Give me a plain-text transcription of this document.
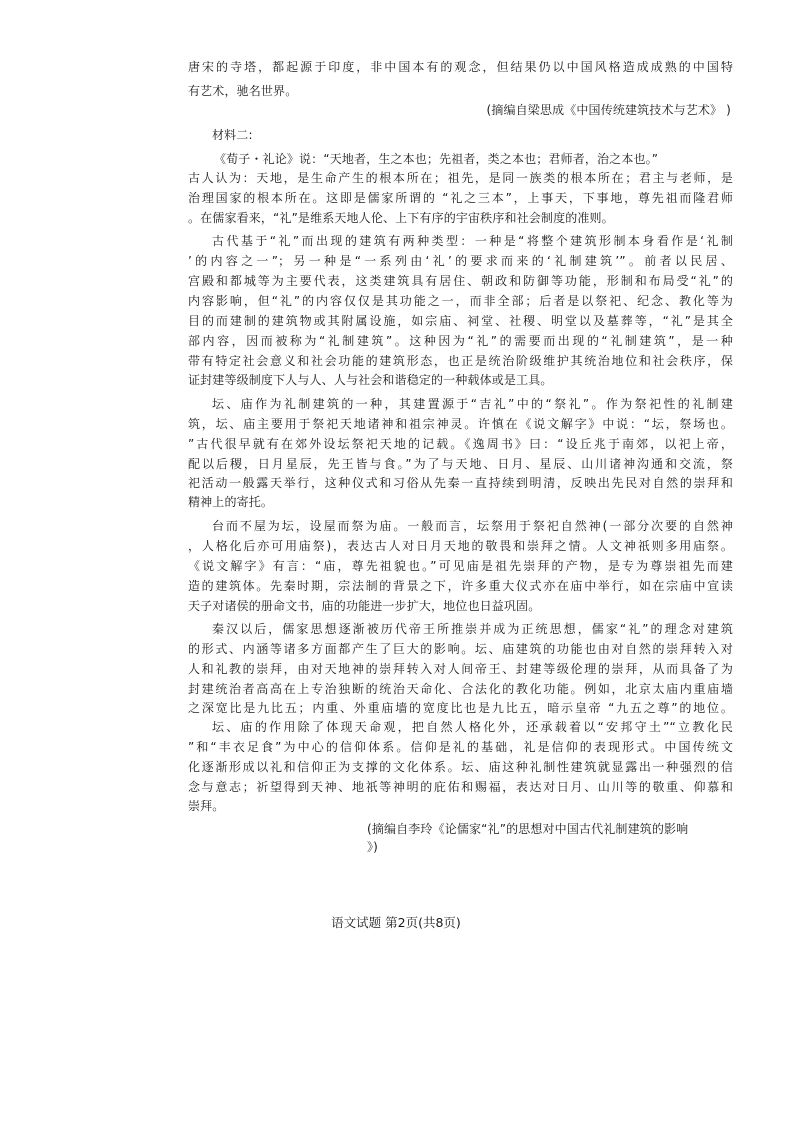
唐宋的寺塔，都起源于印度，非中国本有的观念，但结果仍以中国风格造成成熟的中国特
有艺术，驰名世界。
(摘编自梁思成《中国传统建筑技术与艺术》 )
材料二:
《荀子・礼论》说：“天地者，生之本也；先祖者，类之本也；君师者，治之本也。”
古人认为：天地，是生命产生的根本所在；祖先，是同一族类的根本所在；君主与老师，是
治理国家的根本所在。这即是儒家所谓的 “礼之三本”，上事天，下事地，尊先祖而隆君师
。在儒家看来，“礼”是维系天地人伦、上下有序的宇宙秩序和社会制度的准则。
古代基于“礼”而出现的建筑有两种类型：一种是“将整个建筑形制本身看作是‘礼制
’的内容之一”；另一种是“一系列由‘礼’的要求而来的‘礼制建筑’”。前者以民居、
宫殿和都城等为主要代表，这类建筑具有居住、朝政和防御等功能，形制和布局受“礼”的
内容影响，但“礼”的内容仅仅是其功能之一，而非全部；后者是以祭祀、纪念、教化等为
目的而建制的建筑物或其附属设施，如宗庙、祠堂、社稷、明堂以及墓葬等，“礼”是其全
部内容，因而被称为“礼制建筑”。这种因为“礼”的需要而出现的“礼制建筑”，是一种
带有特定社会意义和社会功能的建筑形态，也正是统治阶级维护其统治地位和社会秩序，保
证封建等级制度下人与人、人与社会和谐稳定的一种载体或是工具。
坛、庙作为礼制建筑的一种，其建置源于“吉礼”中的“祭礼”。作为祭祀性的礼制建
筑，坛、庙主要用于祭祀天地诸神和祖宗神灵。许慎在《说文解字》中说：“坛，祭场也。
”古代很早就有在郊外设坛祭祀天地的记载。《逸周书》曰：“设丘兆于南郊，以祀上帝，
配以后稷，日月星辰，先王皆与食。”为了与天地、日月、星辰、山川诸神沟通和交流，祭
祀活动一般露天举行，这种仪式和习俗从先秦一直持续到明清，反映出先民对自然的崇拜和
精神上的寄托。
台而不屋为坛，设屋而祭为庙。一般而言，坛祭用于祭祀自然神(一部分次要的自然神
，人格化后亦可用庙祭)，表达古人对日月天地的敬畏和崇拜之情。人文神祇则多用庙祭。
《说文解字》有言：“庙，尊先祖貌也。”可见庙是祖先崇拜的产物，是专为尊崇祖先而建
造的建筑体。先秦时期，宗法制的背景之下，许多重大仪式亦在庙中举行，如在宗庙中宣读
天子对诸侯的册命文书，庙的功能进一步扩大，地位也日益巩固。
秦汉以后，儒家思想逐渐被历代帝王所推崇并成为正统思想，儒家“礼”的理念对建筑
的形式、内涵等诸多方面都产生了巨大的影响。坛、庙建筑的功能也由对自然的崇拜转入对
人和礼教的崇拜，由对天地神的崇拜转入对人间帝王、封建等级伦理的崇拜，从而具备了为
封建统治者高高在上专治独断的统治天命化、合法化的教化功能。例如，北京太庙内重庙墙
之深宽比是九比五；内重、外重庙墙的宽度比也是九比五，暗示皇帝 “九五之尊”的地位。
坛、庙的作用除了体现天命观，把自然人格化外，还承载着以“安邦守土”“立教化民
”和“丰衣足食”为中心的信仰体系。信仰是礼的基础，礼是信仰的表现形式。中国传统文
化逐渐形成以礼和信仰正为支撑的文化体系。坛、庙这种礼制性建筑就显露出一种强烈的信
念与意志；祈望得到天神、地祇等神明的庇佑和赐福，表达对日月、山川等的敬重、仰慕和
崇拜。
(摘编自李玲《论儒家“礼”的思想对中国古代礼制建筑的影响
》)
语文试题 第2页(共8页)
